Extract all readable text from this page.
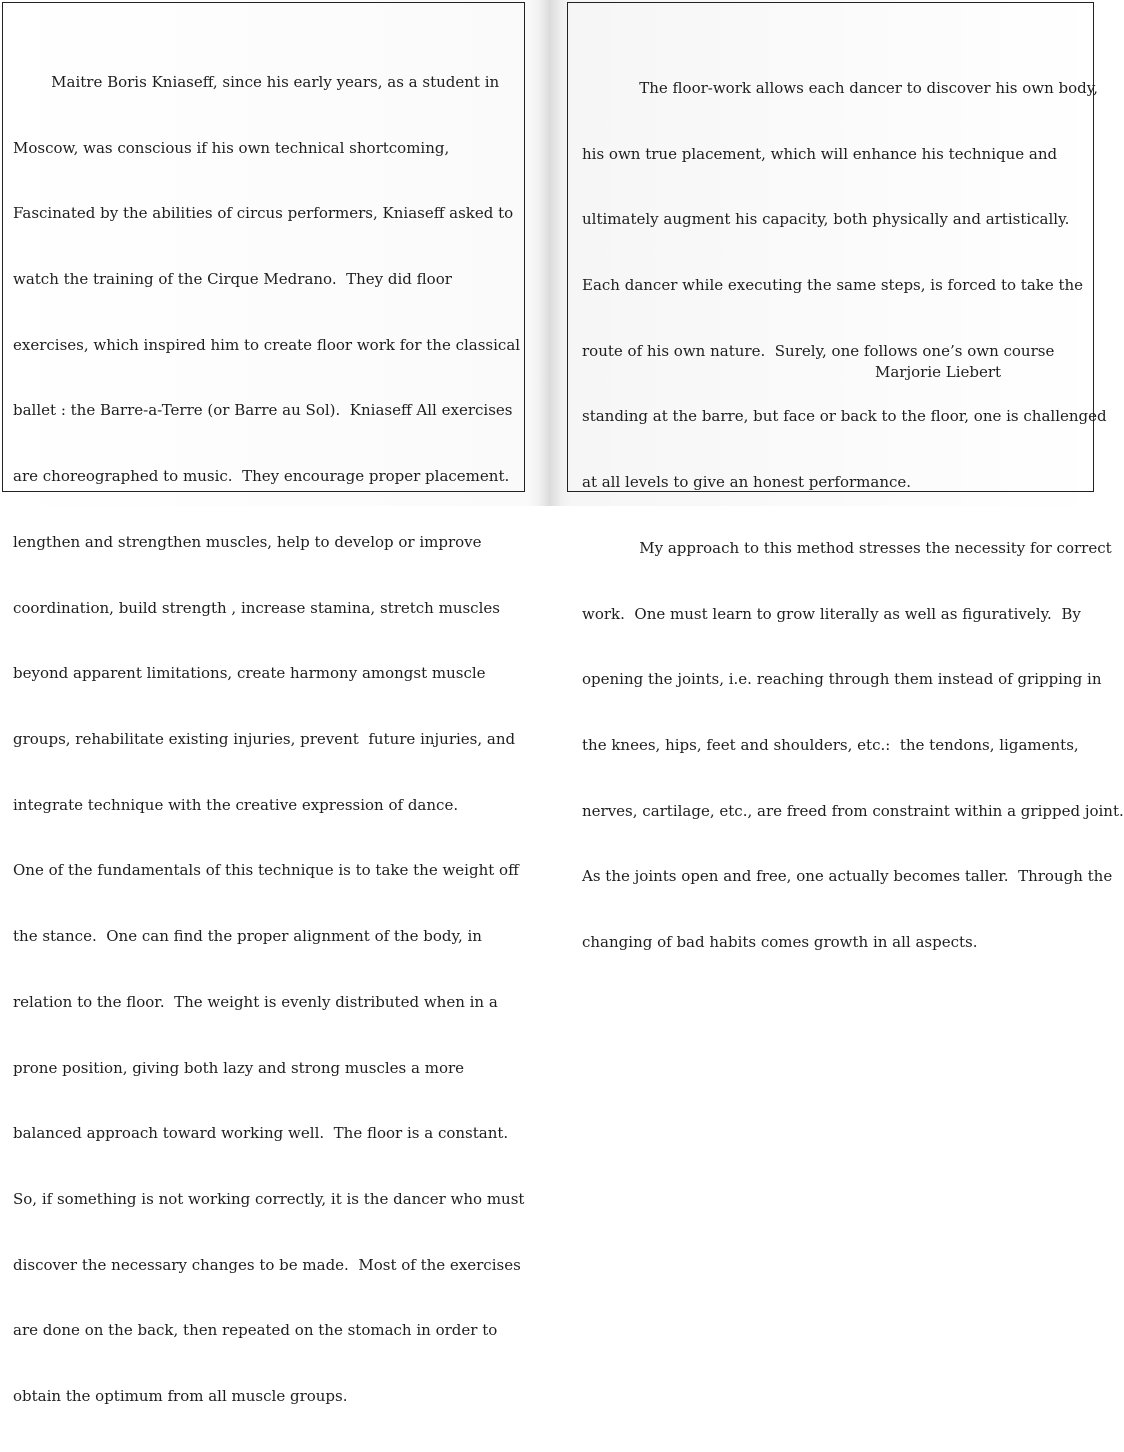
Maitre Boris Kniaseff, since his early years, as a student in

Moscow, was conscious if his own technical shortcoming,

Fascinated by the abilities of circus performers, Kniaseff asked to

watch the training of the Cirque Medrano.  They did floor

exercises, which inspired him to create floor work for the classical

ballet : the Barre-a-Terre (or Barre au Sol).  Kniaseff All exercises

are choreographed to music.  They encourage proper placement.

lengthen and strengthen muscles, help to develop or improve

coordination, build strength , increase stamina, stretch muscles

beyond apparent limitations, create harmony amongst muscle

groups, rehabilitate existing injuries, prevent  future injuries, and

integrate technique with the creative expression of dance.

One of the fundamentals of this technique is to take the weight off

the stance.  One can find the proper alignment of the body, in

relation to the floor.  The weight is evenly distributed when in a

prone position, giving both lazy and strong muscles a more

balanced approach toward working well.  The floor is a constant.

So, if something is not working correctly, it is the dancer who must

discover the necessary changes to be made.  Most of the exercises

are done on the back, then repeated on the stomach in order to

obtain the optimum from all muscle groups.

The floor-work allows each dancer to discover his own body,

his own true placement, which will enhance his technique and

ultimately augment his capacity, both physically and artistically.

Each dancer while executing the same steps, is forced to take the

route of his own nature.  Surely, one follows one’s own course

standing at the barre, but face or back to the floor, one is challenged

at all levels to give an honest performance.

My approach to this method stresses the necessity for correct

work.  One must learn to grow literally as well as figuratively.  By

opening the joints, i.e. reaching through them instead of gripping in

the knees, hips, feet and shoulders, etc.:  the tendons, ligaments,

nerves, cartilage, etc., are freed from constraint within a gripped joint.

As the joints open and free, one actually becomes taller.  Through the

changing of bad habits comes growth in all aspects.

Marjorie Liebert
